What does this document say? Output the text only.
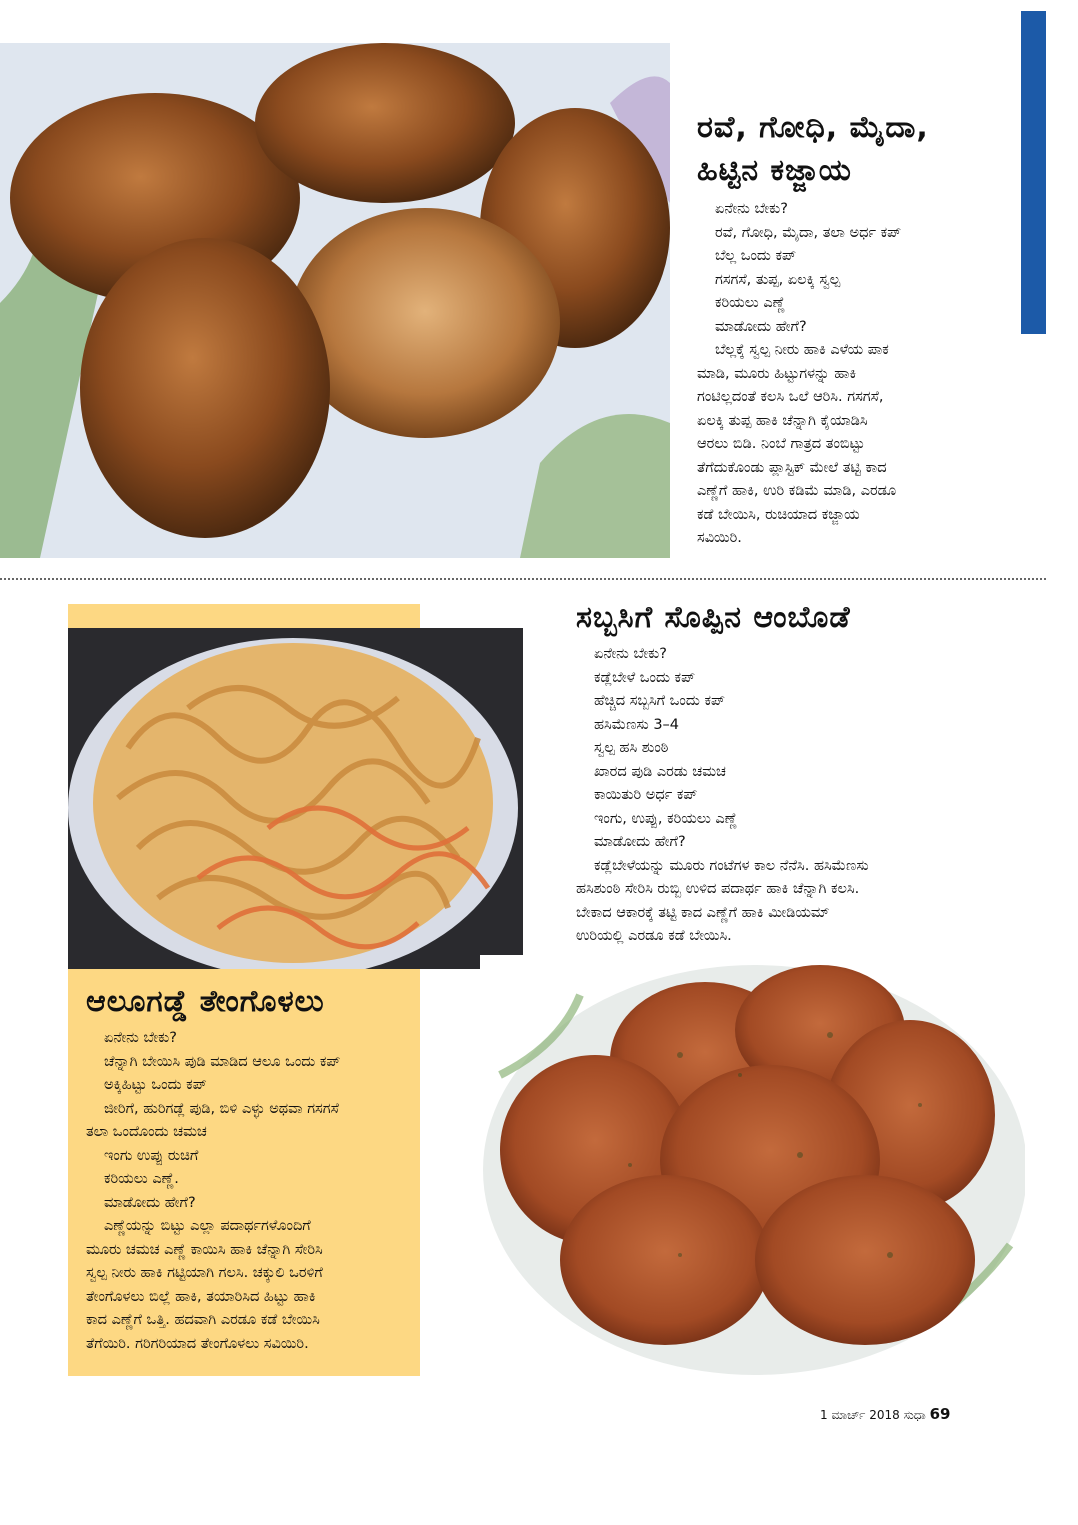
ರವೆ, ಗೋಧಿ, ಮೈದಾ,
ಹಿಟ್ಟಿನ ಕಜ್ಜಾಯ
ಏನೇನು ಬೇಕು?
ರವೆ, ಗೋಧಿ, ಮೈದಾ, ತಲಾ ಅರ್ಧ ಕಪ್
ಬೆಲ್ಲ ಒಂದು ಕಪ್
ಗಸಗಸೆ, ತುಪ್ಪ, ಏಲಕ್ಕಿ ಸ್ವಲ್ಪ
ಕರಿಯಲು ಎಣ್ಣೆ
ಮಾಡೋದು ಹೇಗೆ?
ಬೆಲ್ಲಕ್ಕೆ ಸ್ವಲ್ಪ ನೀರು ಹಾಕಿ ಎಳೆಯ ಪಾಕ
ಮಾಡಿ, ಮೂರು ಹಿಟ್ಟುಗಳನ್ನು ಹಾಕಿ
ಗಂಟಿಲ್ಲದಂತೆ ಕಲಸಿ ಒಲೆ ಆರಿಸಿ. ಗಸಗಸೆ,
ಏಲಕ್ಕಿ ತುಪ್ಪ ಹಾಕಿ ಚೆನ್ನಾಗಿ ಕೈಯಾಡಿಸಿ
ಆರಲು ಬಿಡಿ. ನಿಂಬೆ ಗಾತ್ರದ ತಂಬಿಟ್ಟು
ತೆಗೆದುಕೊಂಡು ಪ್ಲಾಸ್ಟಿಕ್ ಮೇಲೆ ತಟ್ಟಿ ಕಾದ
ಎಣ್ಣೆಗೆ ಹಾಕಿ, ಉರಿ ಕಡಿಮೆ ಮಾಡಿ, ಎರಡೂ
ಕಡೆ ಬೇಯಿಸಿ, ರುಚಿಯಾದ ಕಜ್ಜಾಯ
ಸವಿಯಿರಿ.
ಸಬ್ಬಸಿಗೆ ಸೊಪ್ಪಿನ ಆಂಬೊಡೆ
ಏನೇನು ಬೇಕು?
ಕಡ್ಲೆಬೇಳೆ ಒಂದು ಕಪ್
ಹೆಚ್ಚಿದ ಸಬ್ಬಸಿಗೆ ಒಂದು ಕಪ್
ಹಸಿಮೆಣಸು 3–4
ಸ್ವಲ್ಪ ಹಸಿ ಶುಂಠಿ
ಖಾರದ ಪುಡಿ ಎರಡು ಚಮಚ
ಕಾಯಿತುರಿ ಅರ್ಧ ಕಪ್
ಇಂಗು, ಉಪ್ಪು, ಕರಿಯಲು ಎಣ್ಣೆ
ಮಾಡೋದು ಹೇಗೆ?
ಕಡ್ಲೆಬೇಳೆಯನ್ನು ಮೂರು ಗಂಟೆಗಳ ಕಾಲ ನೆನೆಸಿ. ಹಸಿಮೆಣಸು
ಹಸಿಶುಂಠಿ ಸೇರಿಸಿ ರುಬ್ಬಿ ಉಳಿದ ಪದಾರ್ಥ ಹಾಕಿ ಚೆನ್ನಾಗಿ ಕಲಸಿ.
ಬೇಕಾದ ಆಕಾರಕ್ಕೆ ತಟ್ಟಿ ಕಾದ ಎಣ್ಣೆಗೆ ಹಾಕಿ ಮೀಡಿಯಮ್
ಉರಿಯಲ್ಲಿ ಎರಡೂ ಕಡೆ ಬೇಯಿಸಿ.
ಆಲೂಗಡ್ಡೆ ತೇಂಗೊಳಲು
ಏನೇನು ಬೇಕು?
ಚೆನ್ನಾಗಿ ಬೇಯಿಸಿ ಪುಡಿ ಮಾಡಿದ ಆಲೂ ಒಂದು ಕಪ್
ಅಕ್ಕಿಹಿಟ್ಟು ಒಂದು ಕಪ್
ಜೀರಿಗೆ, ಹುರಿಗಡ್ಲೆ ಪುಡಿ, ಬಿಳಿ ಎಳ್ಳು ಅಥವಾ ಗಸಗಸೆ
ತಲಾ ಒಂದೊಂದು ಚಮಚ
ಇಂಗು ಉಪ್ಪು ರುಚಿಗೆ
ಕರಿಯಲು ಎಣ್ಣೆ.
ಮಾಡೋದು ಹೇಗೆ?
ಎಣ್ಣೆಯನ್ನು ಬಿಟ್ಟು ಎಲ್ಲಾ ಪದಾರ್ಥಗಳೊಂದಿಗೆ
ಮೂರು ಚಮಚ ಎಣ್ಣೆ ಕಾಯಿಸಿ ಹಾಕಿ ಚೆನ್ನಾಗಿ ಸೇರಿಸಿ
ಸ್ವಲ್ಪ ನೀರು ಹಾಕಿ ಗಟ್ಟಿಯಾಗಿ ಗಲಸಿ. ಚಕ್ಕುಲಿ ಒರಳಿಗೆ
ತೇಂಗೊಳಲು ಬಿಲ್ಲೆ ಹಾಕಿ, ತಯಾರಿಸಿದ ಹಿಟ್ಟು ಹಾಕಿ
ಕಾದ ಎಣ್ಣೆಗೆ ಒತ್ತಿ. ಹದವಾಗಿ ಎರಡೂ ಕಡೆ ಬೇಯಿಸಿ
ತೆಗೆಯಿರಿ. ಗರಿಗರಿಯಾದ ತೇಂಗೊಳಲು ಸವಿಯಿರಿ.
1 ಮಾರ್ಚ್ 2018 ಸುಧಾ 69
